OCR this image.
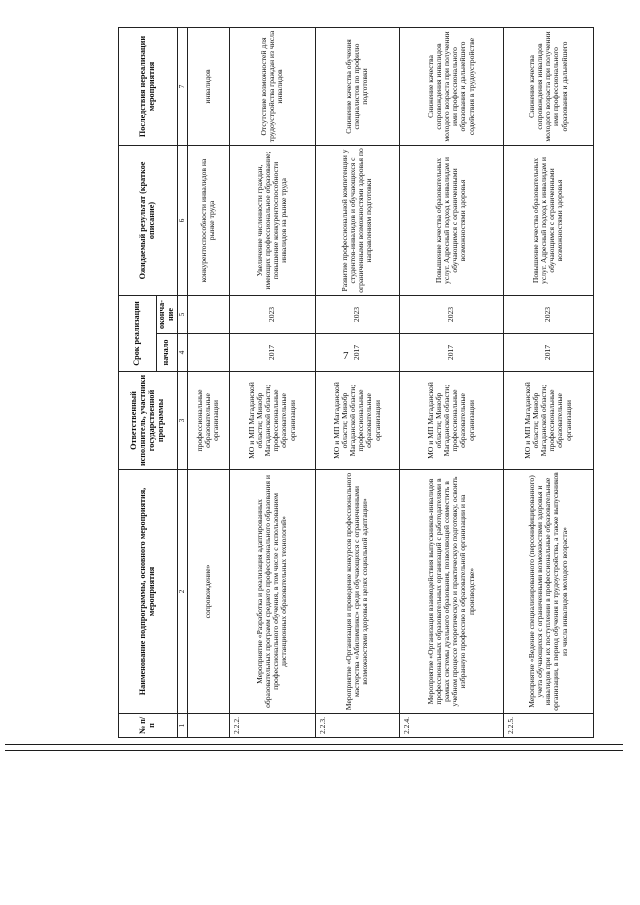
7
№ п/п	Наименование подпрограммы, основного мероприятия, мероприятия	Ответственный исполнитель, участники государственной программы	Срок реализации		Ожидаемый результат (краткое описание)	Последствия нереализации мероприятия
			начало	оконча-ние		
1	2	3	4	5	6	7
	сопровождение»	профессиональные образовательные организации			конкурентоспособности инвалидов на рынке труда	инвалидов
2.2.2.	Мероприятие «Разработка и реализация адаптированных образовательных программ среднего профессионального образования и профессионального обучения, в том числе с использованием дистанционных образовательных технологий»	МО и МП Магаданской области; Минобр Магаданской области; профессиональные образовательные организации	2017	2023	Увеличение численности граждан, имеющих профессиональное образование; повышение конкурентоспособности инвалидов на рынке труда	Отсутствие возможностей для трудоустройства граждан из числа инвалидов
2.2.3.	Мероприятие «Организация и проведение конкурсов профессионального мастерства «Абилимпикс» среди обучающихся с ограниченными возможностями здоровья в целях социальной адаптации»	МО и МП Магаданской области; Минобр Магаданской области; профессиональные образовательные организации	2017	2023	Развитие профессиональной компетенции у студентов-инвалидов и обучающихся с ограниченными возможностями здоровья по направлениям подготовки	Снижение качества обучения специалистов по профилю подготовки
2.2.4.	Мероприятие «Организация взаимодействия выпускников-инвалидов профессиональных образовательных организаций с работодателями в рамках системы дуального образования, позволяющей совместить в учебном процессе теоретическую и практическую подготовку, освоить избранную профессию в образовательной организации и на производстве»	МО и МП Магаданской области; Минобр Магаданской области; профессиональные образовательные организации	2017	2023	Повышение качества образовательных услуг. Адресный подход к инвалидам и обучающимся с ограниченными возможностями здоровья	Снижение качества сопровождения инвалидов молодого возраста при получении ими профессионального образования и дальнейшего содействия в трудоустройстве
2.2.5.	Мероприятие «Ведение специализированного (персонифицированного) учета обучающихся с ограниченными возможностями здоровья и инвалидов при их поступлении в профессиональные образовательные организации, в период обучения и трудоустройства, а также выпускников из числа инвалидов молодого возраста»	МО и МП Магаданской области; Минобр Магаданской области; профессиональные образовательные организации	2017	2023	Повышение качества образовательных услуг. Адресный подход к инвалидам и обучающимся с ограниченными возможностями здоровья	Снижение качества сопровождения инвалидов молодого возраста при получении ими профессионального образования и дальнейшего
